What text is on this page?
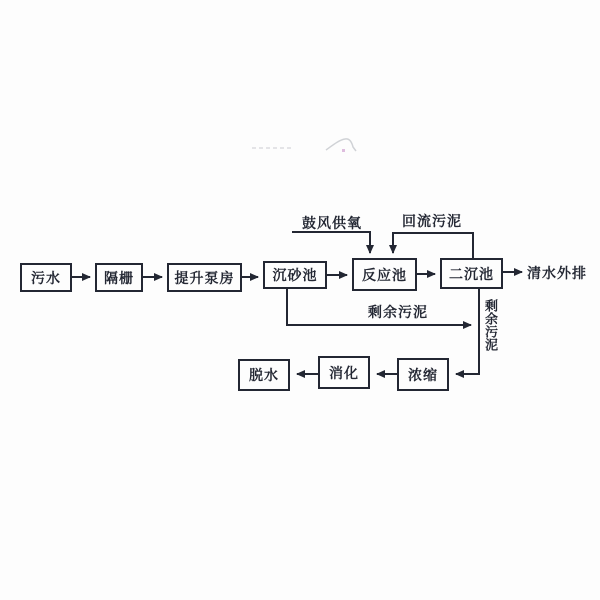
污水	隔栅	提升泵房	沉砂池	反应池	二沉池
浓缩
消化
脱水
鼓风供氧	回流污泥
剩余污泥	剩余污泥
清水外排
